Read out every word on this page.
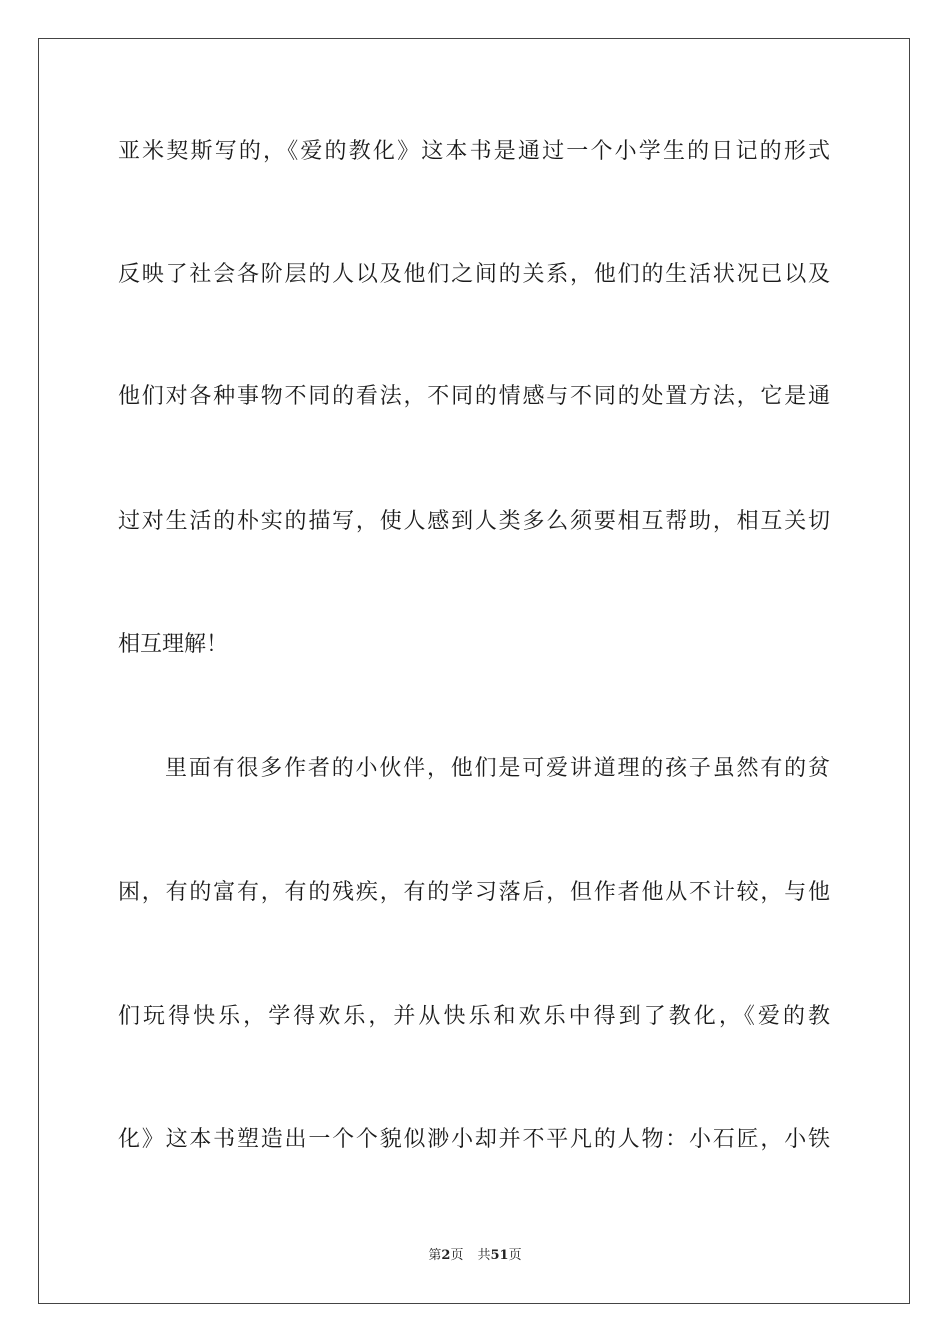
亚米契斯写的，《爱的教化》这本书是通过一个小学生的日记的形式
反映了社会各阶层的人以及他们之间的关系，他们的生活状况已以及
他们对各种事物不同的看法，不同的情感与不同的处置方法，它是通
过对生活的朴实的描写，使人感到人类多么须要相互帮助，相互关切
相互理解！
里面有很多作者的小伙伴，他们是可爱讲道理的孩子虽然有的贫
困，有的富有，有的残疾，有的学习落后，但作者他从不计较，与他
们玩得快乐，学得欢乐，并从快乐和欢乐中得到了教化，《爱的教
化》这本书塑造出一个个貌似渺小却并不平凡的人物：小石匠，小铁
第2页 共51页
